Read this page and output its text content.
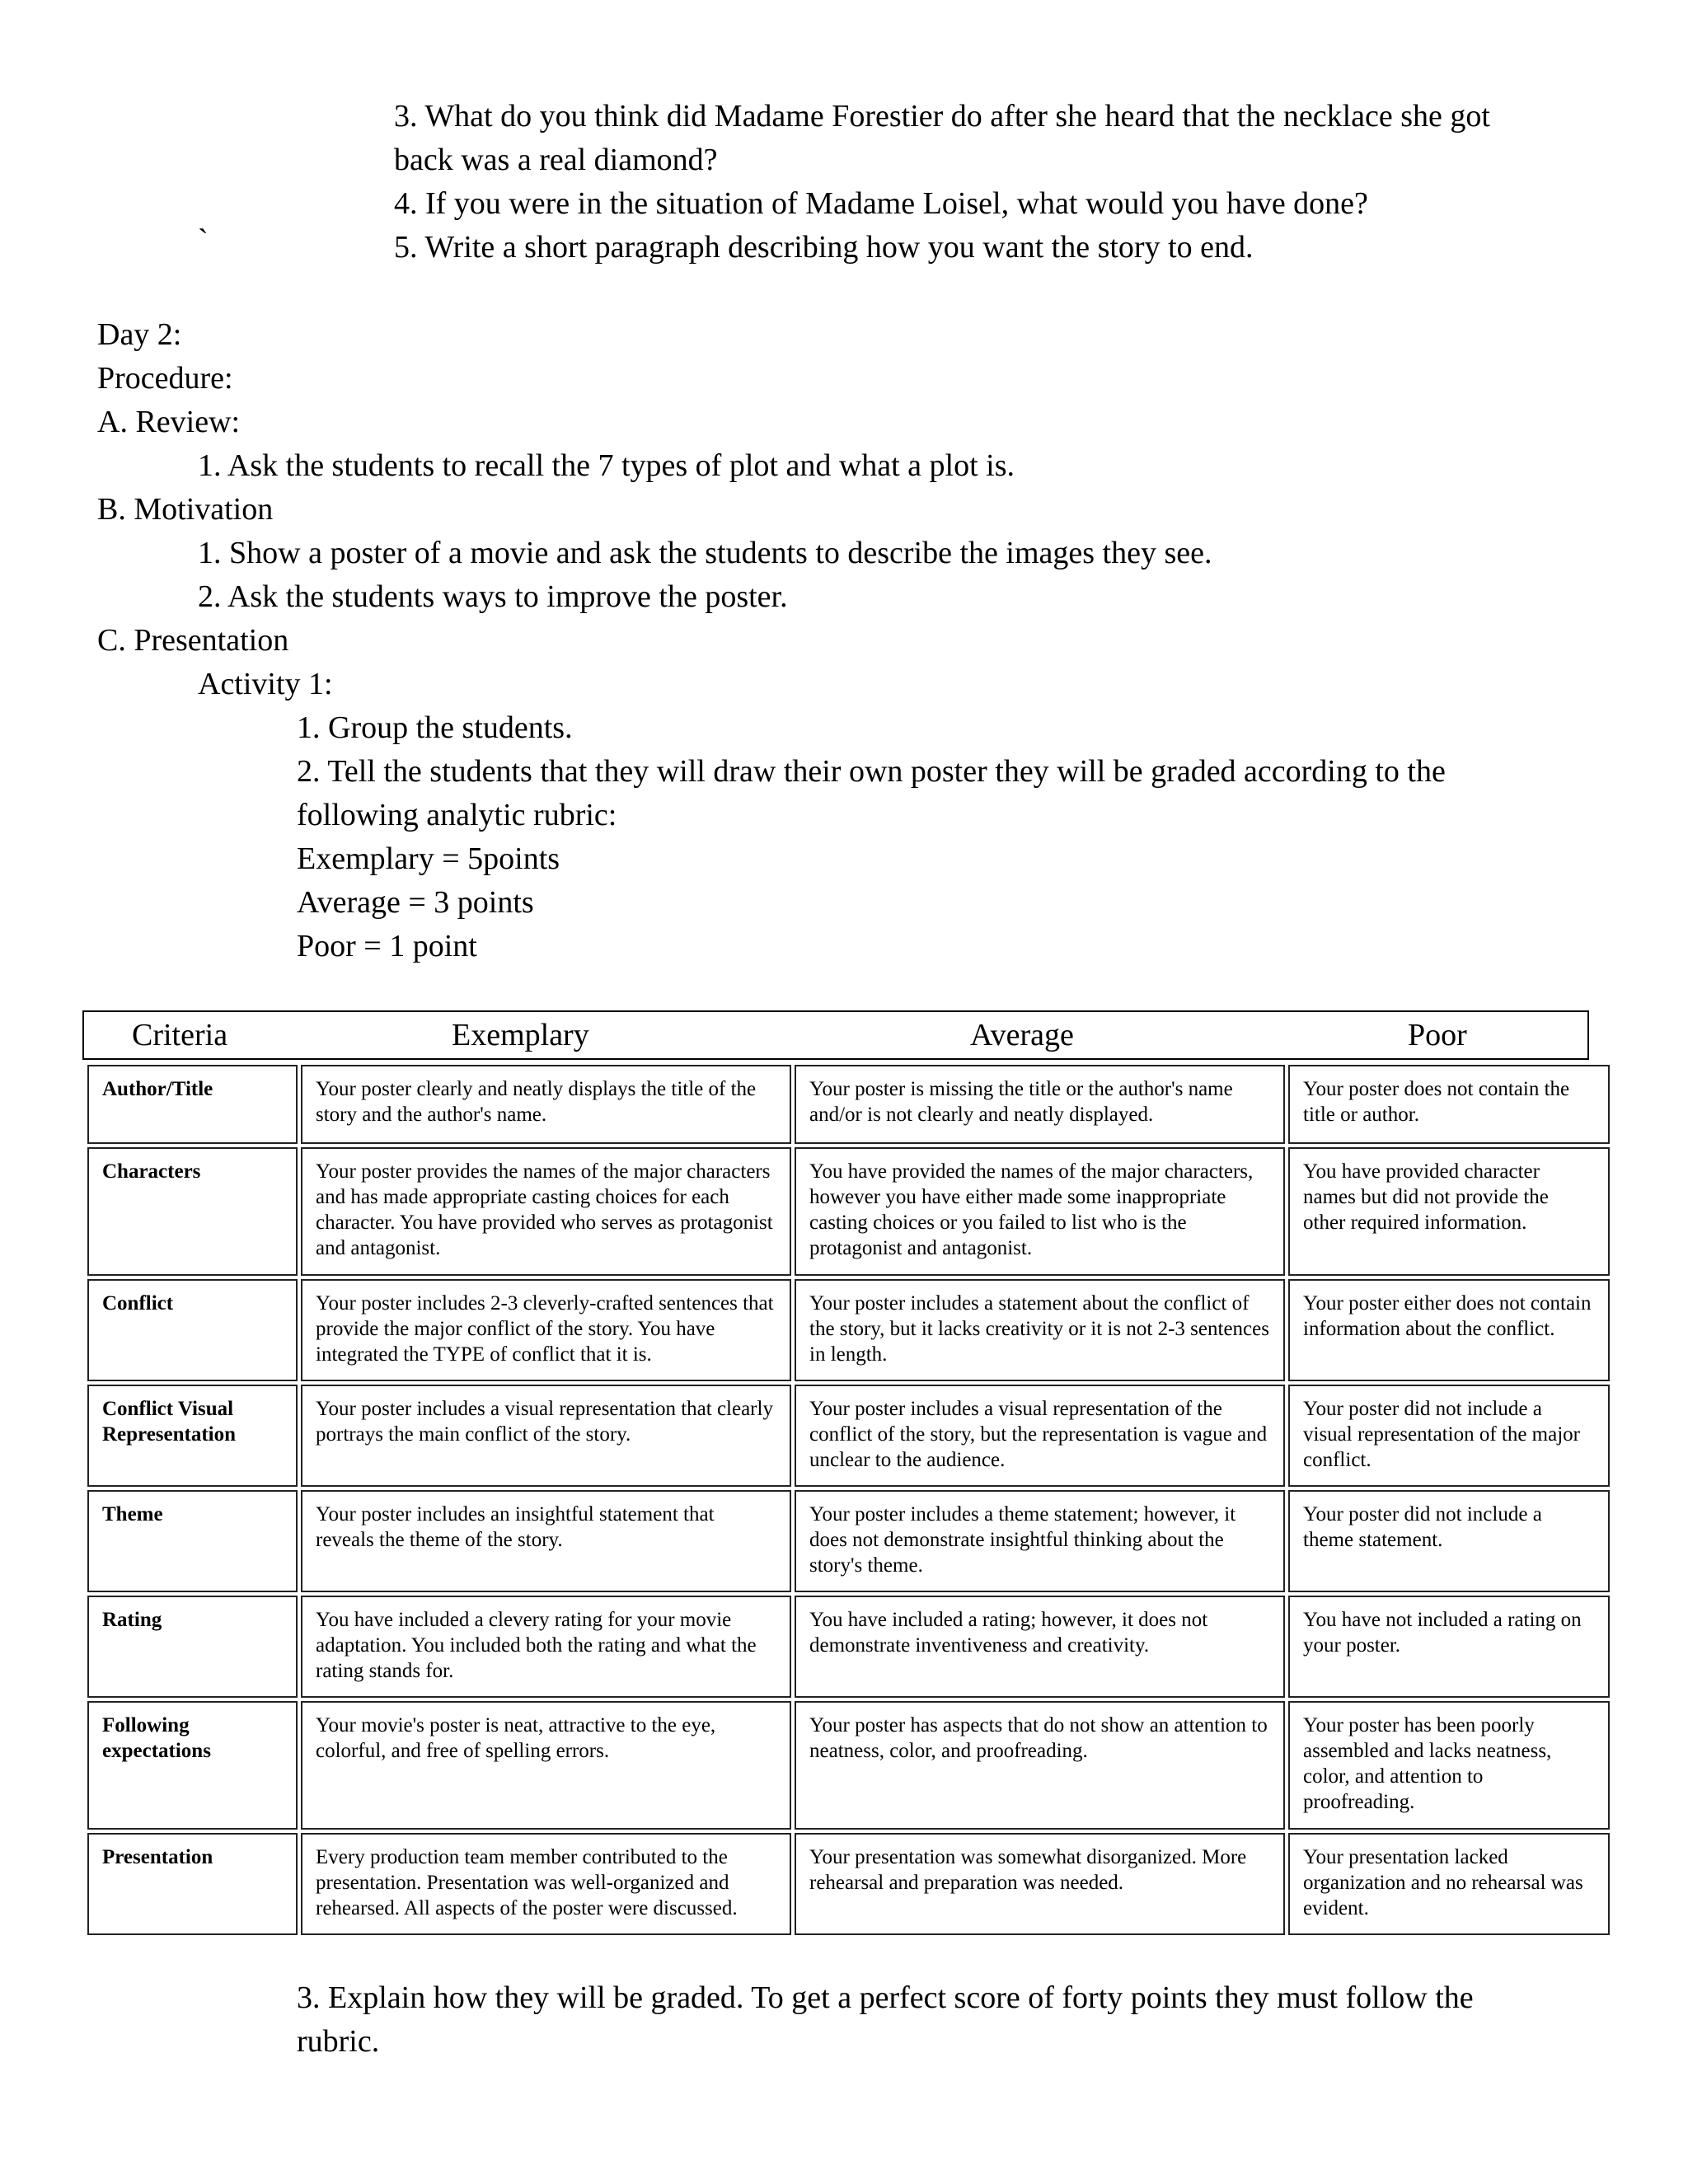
3. What do you think did Madame Forestier do after she heard that the necklace she got
back was a real diamond?
4. If you were in the situation of Madame Loisel, what would you have done?
`	5. Write a short paragraph describing how you want the story to end.
Day 2:
Procedure:
A. Review:
1. Ask the students to recall the 7 types of plot and what a plot is.
B. Motivation
1. Show a poster of a movie and ask the students to describe the images they see.
2. Ask the students ways to improve the poster.
C. Presentation
Activity 1:
1. Group the students.
2. Tell the students that they will draw their own poster they will be graded according to the
following analytic rubric:
Exemplary = 5points
Average = 3 points
Poor = 1 point
Criteria	Exemplary	Average	Poor
Author/Title	Your poster clearly and neatly displays the title of the story and the author's name.	Your poster is missing the title or the author's name and/or is not clearly and neatly displayed.	Your poster does not contain the title or author.
Characters	Your poster provides the names of the major characters and has made appropriate casting choices for each character. You have provided who serves as protagonist and antagonist.	You have provided the names of the major characters, however you have either made some inappropriate casting choices or you failed to list who is the protagonist and antagonist.	You have provided character names but did not provide the other required information.
Conflict	Your poster includes 2-3 cleverly-crafted sentences that provide the major conflict of the story. You have integrated the TYPE of conflict that it is.	Your poster includes a statement about the conflict of the story, but it lacks creativity or it is not 2-3 sentences in length.	Your poster either does not contain information about the conflict.
Conflict Visual Representation	Your poster includes a visual representation that clearly portrays the main conflict of the story.	Your poster includes a visual representation of the conflict of the story, but the representation is vague and unclear to the audience.	Your poster did not include a visual representation of the major conflict.
Theme	Your poster includes an insightful statement that reveals the theme of the story.	Your poster includes a theme statement; however, it does not demonstrate insightful thinking about the story's theme.	Your poster did not include a theme statement.
Rating	You have included a clevery rating for your movie adaptation. You included both the rating and what the rating stands for.	You have included a rating; however, it does not demonstrate inventiveness and creativity.	You have not included a rating on your poster.
Following expectations	Your movie's poster is neat, attractive to the eye, colorful, and free of spelling errors.	Your poster has aspects that do not show an attention to neatness, color, and proofreading.	Your poster has been poorly assembled and lacks neatness, color, and attention to proofreading.
Presentation	Every production team member contributed to the presentation. Presentation was well-organized and rehearsed. All aspects of the poster were discussed.	Your presentation was somewhat disorganized. More rehearsal and preparation was needed.	Your presentation lacked organization and no rehearsal was evident.
3. Explain how they will be graded. To get a perfect score of forty points they must follow the
rubric.
